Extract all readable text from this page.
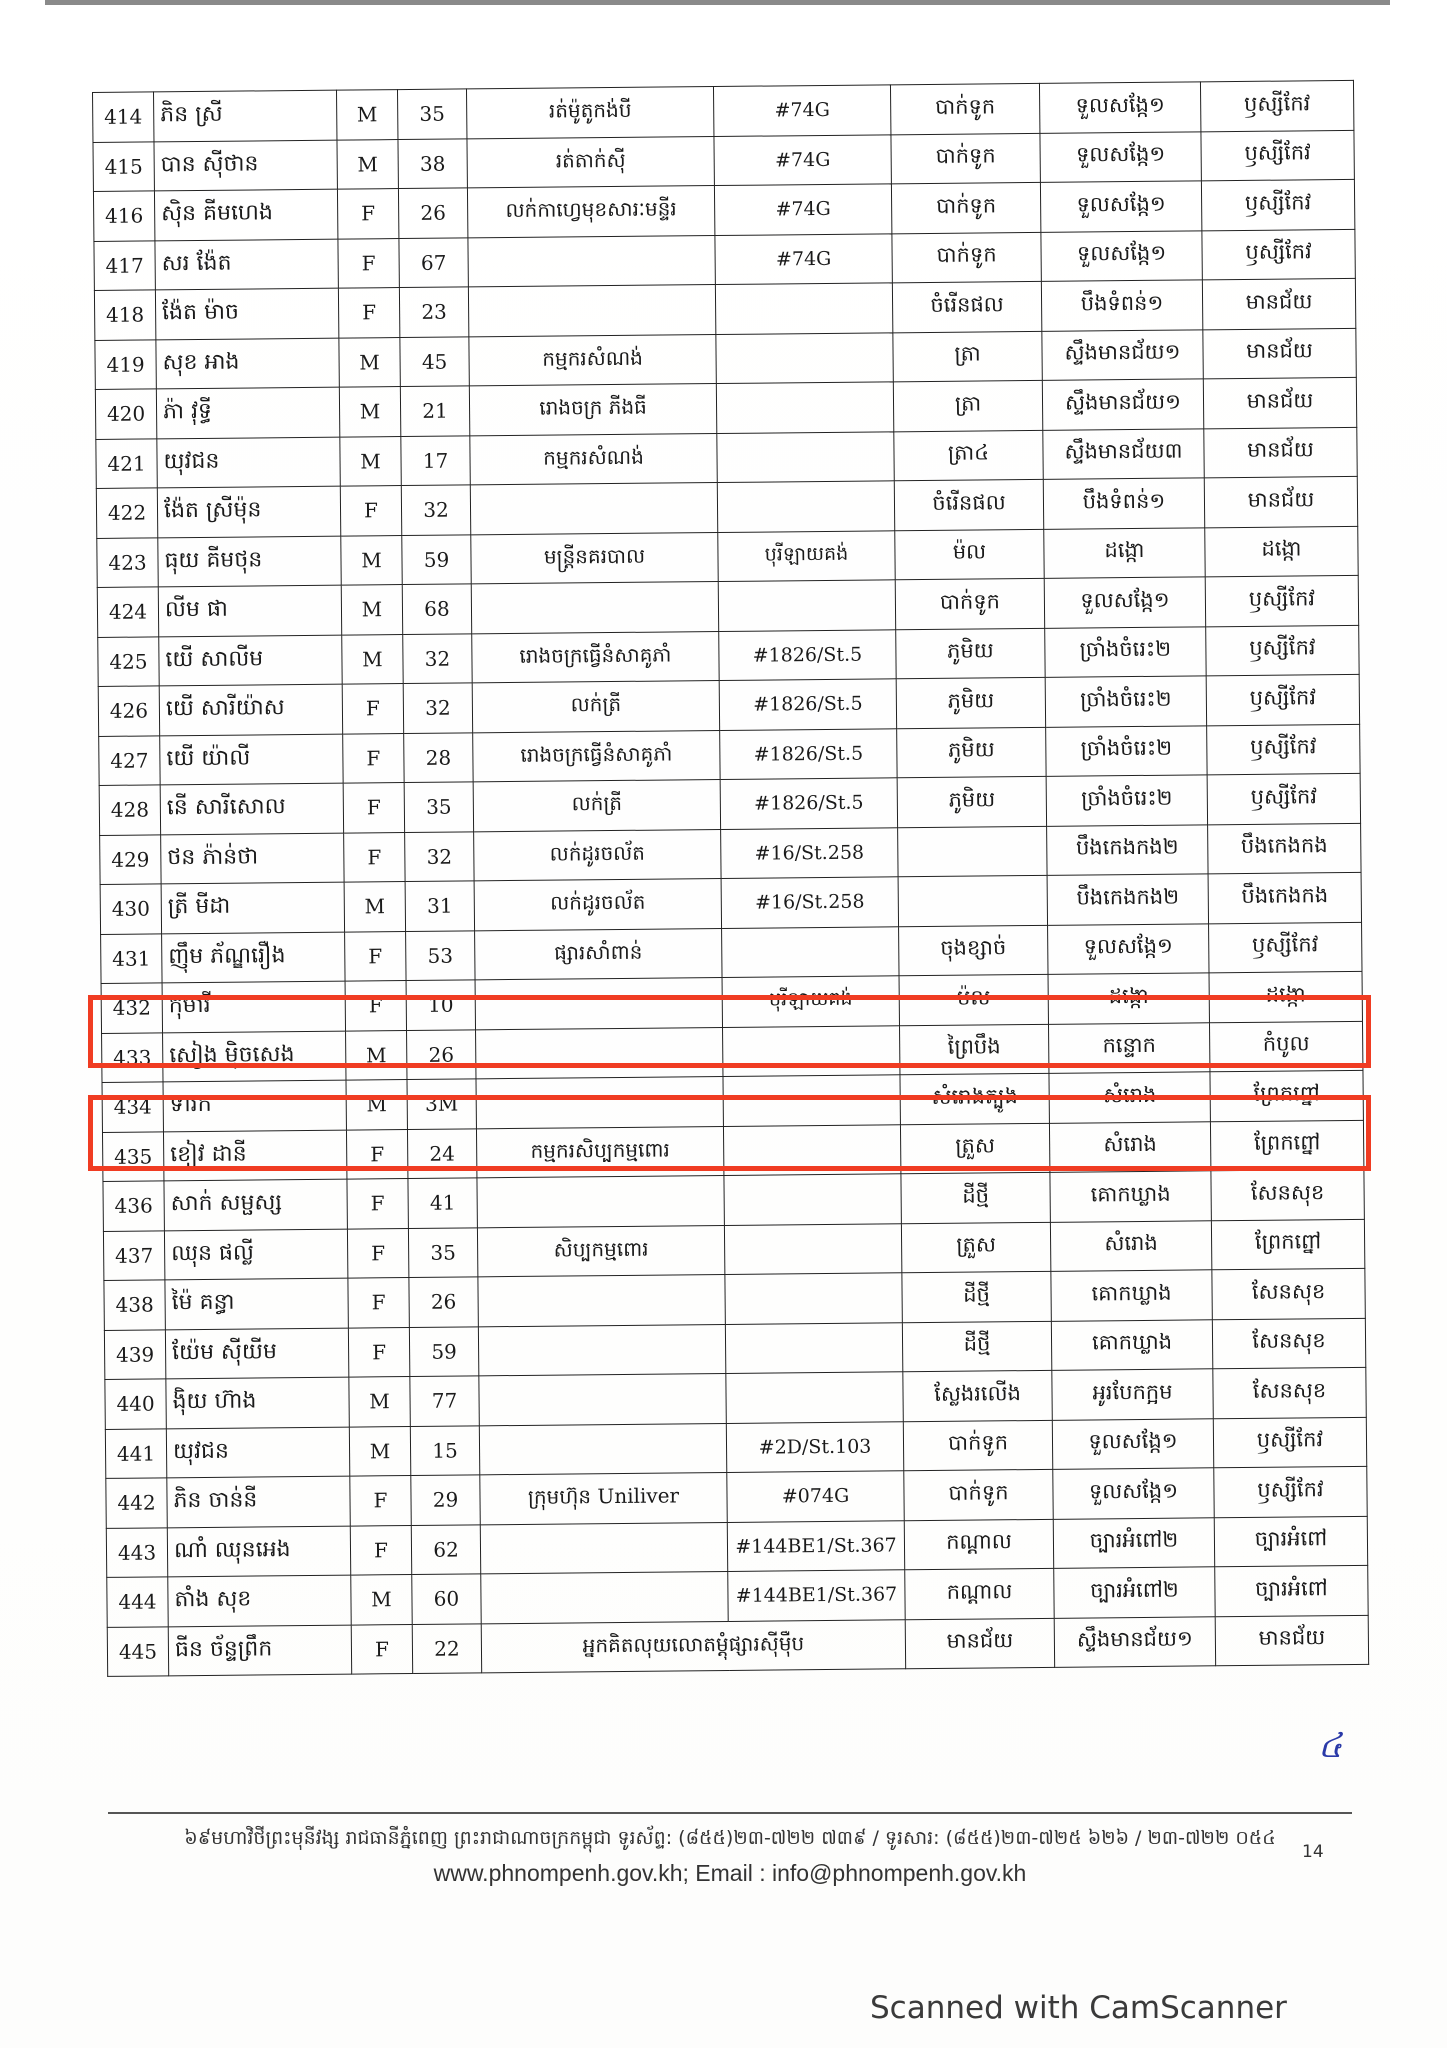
414	ភិន ស្រី	M	35	រត់ម៉ូតូកង់បី	#74G	បាក់ទូក	ទួលសង្កែ១	ឫស្សីកែវ
415	បាន ស៊ីថាន	M	38	រត់តាក់ស៊ី	#74G	បាក់ទូក	ទួលសង្កែ១	ឫស្សីកែវ
416	ស៊ិន គីមហេង	F	26	លក់កាហ្វេមុខសារៈមន្ទីរ	#74G	បាក់ទូក	ទួលសង្កែ១	ឫស្សីកែវ
417	សរ ង៉ែត	F	67		#74G	បាក់ទូក	ទួលសង្កែ១	ឫស្សីកែវ
418	ង៉ែត ម៉ាច	F	23			ចំរើនផល	បឹងទំពន់១	មានជ័យ
419	សុខ អាង	M	45	កម្មករសំណង់		ត្រា	ស្ទឹងមានជ័យ១	មានជ័យ
420	ភ៉ា វុទ្ធី	M	21	រោងចក្រ ភីងធី		ត្រា	ស្ទឹងមានជ័យ១	មានជ័យ
421	យុវជន	M	17	កម្មករសំណង់		ត្រា៤	ស្ទឹងមានជ័យ៣	មានជ័យ
422	ង៉ែត ស្រីម៉ុន	F	32			ចំរើនផល	បឹងទំពន់១	មានជ័យ
423	ធុយ គីមថុន	M	59	មន្ត្រីនគរបាល	បុរីឡាយគង់	ម៉ល	ដង្កោ	ដង្កោ
424	លីម ផា	M	68			បាក់ទូក	ទួលសង្កែ១	ឫស្សីកែវ
425	យើ សាលីម	M	32	រោងចក្រធ្វើនំសាគូភាំ	#1826/St.5	ភូមិយ	ច្រាំងចំរេះ២	ឫស្សីកែវ
426	យើ សារីយ៉ាស	F	32	លក់ត្រី	#1826/St.5	ភូមិយ	ច្រាំងចំរេះ២	ឫស្សីកែវ
427	យើ យ៉ាលី	F	28	រោងចក្រធ្វើនំសាគូភាំ	#1826/St.5	ភូមិយ	ច្រាំងចំរេះ២	ឫស្សីកែវ
428	នើ សារីសោល	F	35	លក់ត្រី	#1826/St.5	ភូមិយ	ច្រាំងចំរេះ២	ឫស្សីកែវ
429	ថន ភ៉ាន់ថា	F	32	លក់ដូរចល័ត	#16/St.258		បឹងកេងកង២	បឹងកេងកង
430	ត្រី មីដា	M	31	លក់ដូរចល័ត	#16/St.258		បឹងកេងកង២	បឹងកេងកង
431	ញ៉ឹម ភ័ណ្ឌរឿង	F	53	ផ្សារសាំពាន់		ចុងខ្សាច់	ទួលសង្កែ១	ឫស្សីកែវ
432	កុមារី	F	10		បុរីឡាយគង់	ម៉ល	ដង្កោ	ដង្កោ
433	សៀង ម៉ិចសេង	M	26			ព្រៃបឹង	កន្ទោក	កំបូល
434	ទារក	M	3M			សំរោងត្បូង	សំរោង	ព្រែកព្នៅ
435	ខៀវ ដានី	F	24	កម្មករសិប្បកម្មពោរ		ត្រួស	សំរោង	ព្រែកព្នៅ
436	សាក់ សម្ផស្ស	F	41			ដីថ្មី	គោកឃ្លាង	សែនសុខ
437	ឈុន ផល្លី	F	35	សិប្បកម្មពោរ		ត្រួស	សំរោង	ព្រែកព្នៅ
438	ម៉ៃ គន្ធា	F	26			ដីថ្មី	គោកឃ្លាង	សែនសុខ
439	យ៉ែម ស៊ីយីម	F	59			ដីថ្មី	គោកឃ្លាង	សែនសុខ
440	ង៉ិយ ហ៊ាង	M	77			ស្លែងរលើង	អូរបែកក្អម	សែនសុខ
441	យុវជន	M	15		#2D/St.103	បាក់ទូក	ទួលសង្កែ១	ឫស្សីកែវ
442	ភិន ចាន់នី	F	29	ក្រុមហ៊ុន Uniliver	#074G	បាក់ទូក	ទួលសង្កែ១	ឫស្សីកែវ
443	ណាំ ឈុនអេង	F	62		#144BE1/St.367	កណ្ដាល	ច្បារអំពៅ២	ច្បារអំពៅ
444	តាំង សុខ	M	60		#144BE1/St.367	កណ្ដាល	ច្បារអំពៅ២	ច្បារអំពៅ
445	ធីន ច័ន្ទព្រឹក	F	22	អ្នកគិតលុយលោតម្ដុំផ្សារស៊ីម៉ឺប		មានជ័យ	ស្ទឹងមានជ័យ១	មានជ័យ
៤
៦៩មហាវិថីព្រះមុនីវង្ស រាជធានីភ្នំពេញ ព្រះរាជាណាចក្រកម្ពុជា ទូរស័ព្ទ: (៨៥៥)២៣-៧២២ ៧៣៩ / ទូរសារ: (៨៥៥)២៣-៧២៥ ៦២៦ / ២៣-៧២២ ០៥៤
14
www.phnompenh.gov.kh; Email : info@phnompenh.gov.kh
Scanned with CamScanner
